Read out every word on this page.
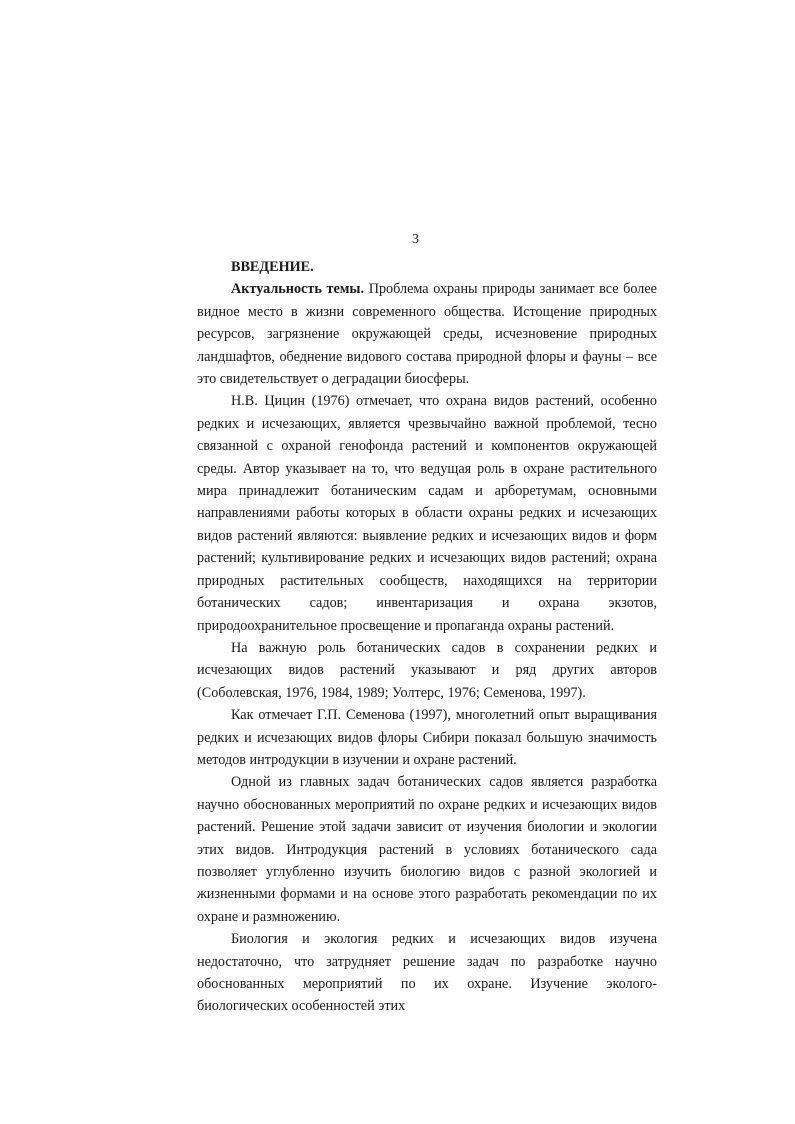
3

ВВЕДЕНИЕ.

Актуальность темы. Проблема охраны природы занимает все более видное место в жизни современного общества. Истощение природных ресурсов, загрязнение окружающей среды, исчезновение природных ландшафтов, обеднение видового состава природной флоры и фауны – все это свидетельствует о деградации биосферы.

Н.В. Цицин (1976) отмечает, что охрана видов растений, особенно редких и исчезающих, является чрезвычайно важной проблемой, тесно связанной с охраной генофонда растений и компонентов окружающей среды. Автор указывает на то, что ведущая роль в охране растительного мира принадлежит ботаническим садам и арборетумам, основными направлениями работы которых в области охраны редких и исчезающих видов растений являются: выявление редких и исчезающих видов и форм растений; культивирование редких и исчезающих видов растений; охрана природных растительных сообществ, находящихся на территории ботанических садов; инвентаризация и охрана экзотов, природоохранительное просвещение и пропаганда охраны растений.

На важную роль ботанических садов в сохранении редких и исчезающих видов растений указывают и ряд других авторов (Соболевская, 1976, 1984, 1989; Уолтерс, 1976; Семенова, 1997).

Как отмечает Г.П. Семенова (1997), многолетний опыт выращивания редких и исчезающих видов флоры Сибири показал большую значимость методов интродукции в изучении и охране растений.

Одной из главных задач ботанических садов является разработка научно обоснованных мероприятий по охране редких и исчезающих видов растений. Решение этой задачи зависит от изучения биологии и экологии этих видов. Интродукция растений в условиях ботанического сада позволяет углубленно изучить биологию видов с разной экологией и жизненными формами и на основе этого разработать рекомендации по их охране и размножению.

Биология и экология редких и исчезающих видов изучена недостаточно, что затрудняет решение задач по разработке научно обоснованных мероприятий по их охране. Изучение эколого-биологических особенностей этих
